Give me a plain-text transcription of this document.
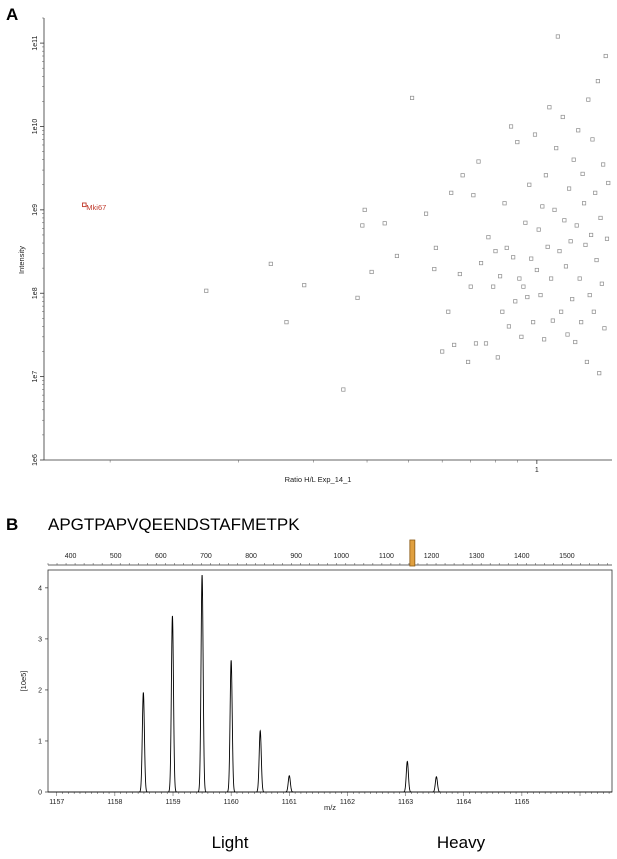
A
1e6
1e7
1e8
1e9
1e10
1e11
1
Mki67
Intensity
Ratio H/L Exp_14_1
B APGTPAPVQEENDSTAFMETPK
400	500	600	700	800	900	1000	1100	1200	1300	1400	1500
0
1
2
3
4
1157	1158	1159	1160	1161	1162	1163	1164	1165
[10e5]
m/z
Light	Heavy
